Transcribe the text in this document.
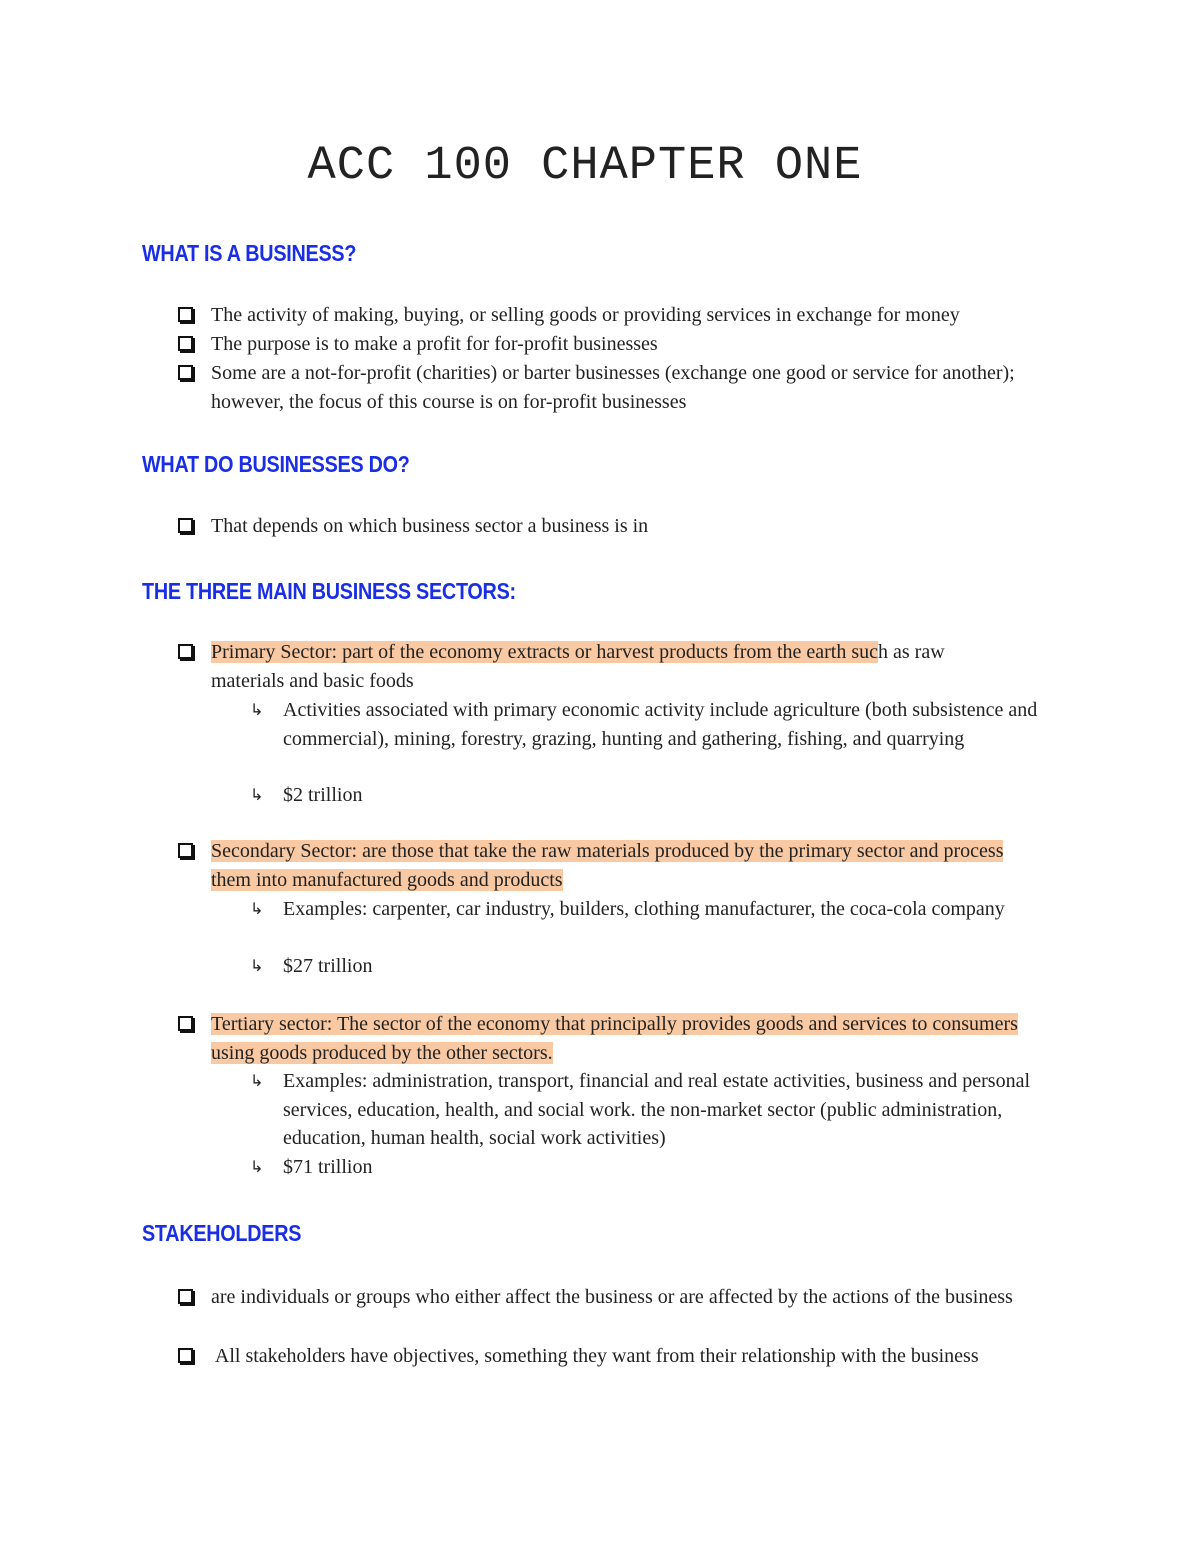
ACC 100 CHAPTER ONE
WHAT IS A BUSINESS?
The activity of making, buying, or selling goods or providing services in exchange for money
The purpose is to make a profit for for-profit businesses
Some are a not-for-profit (charities) or barter businesses (exchange one good or service for another); however, the focus of this course is on for-profit businesses
WHAT DO BUSINESSES DO?
That depends on which business sector a business is in
THE THREE MAIN BUSINESS SECTORS:
Primary Sector: part of the economy extracts or harvest products from the earth such as raw materials and basic foods
↳ Activities associated with primary economic activity include agriculture (both subsistence and commercial), mining, forestry, grazing, hunting and gathering, fishing, and quarrying
↳ $2 trillion
Secondary Sector: are those that take the raw materials produced by the primary sector and process them into manufactured goods and products
↳ Examples: carpenter, car industry, builders, clothing manufacturer, the coca-cola company
↳ $27 trillion
Tertiary sector: The sector of the economy that principally provides goods and services to consumers using goods produced by the other sectors.
↳ Examples: administration, transport, financial and real estate activities, business and personal services, education, health, and social work. the non-market sector (public administration, education, human health, social work activities)
↳ $71 trillion
STAKEHOLDERS
are individuals or groups who either affect the business or are affected by the actions of the business
All stakeholders have objectives, something they want from their relationship with the business
